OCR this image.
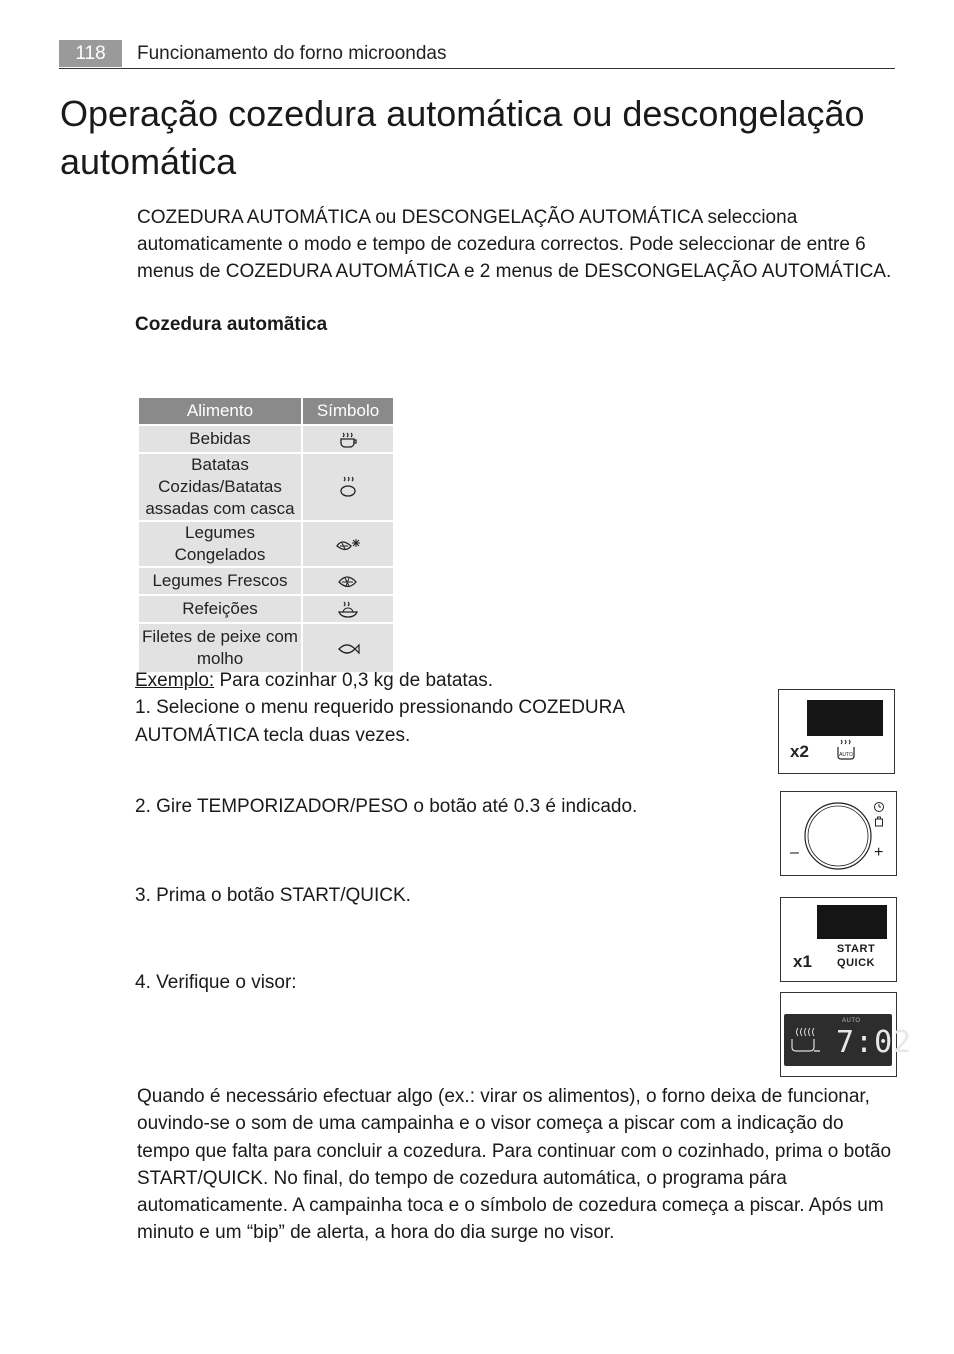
118	Funcionamento do forno microondas
Operação cozedura automática ou descongelação automática

COZEDURA AUTOMÁTICA ou DESCONGELAÇÃO AUTOMÁTICA selecciona automaticamente o modo e tempo de cozedura correctos. Pode seleccionar de entre 6 menus de COZEDURA AUTOMÁTICA e 2 menus de DESCONGELAÇÃO AUTOMÁTICA.

Cozedura automãtica
Alimento	Símbolo
Bebidas	
Batatas Cozidas/Batatas assadas com casca	
Legumes Congelados	
Legumes Frescos	
Refeições	
Filetes de peixe com molho	
Exemplo: Para cozinhar 0,3 kg de batatas.
1. Selecione o menu requerido pressionando COZEDURA AUTOMÁTICA tecla duas vezes.
2. Gire TEMPORIZADOR/PESO o botão até 0.3 é indicado.
3. Prima o botão START/QUICK.
4. Verifique o visor:
x2	AUTO
–	+
x1
START
QUICK
AUTO
7:02

Quando é necessário efectuar algo (ex.: virar os alimentos), o forno deixa de funcionar, ouvindo-se o som de uma campainha e o visor começa a piscar com a indicação do tempo que falta para concluir a cozedura. Para continuar com o cozinhado, prima o botão START/QUICK. No final, do tempo de cozedura automática, o programa pára automaticamente. A campainha toca e o símbolo de cozedura começa a piscar. Após um minuto e um “bip” de alerta, a hora do dia surge no visor.
